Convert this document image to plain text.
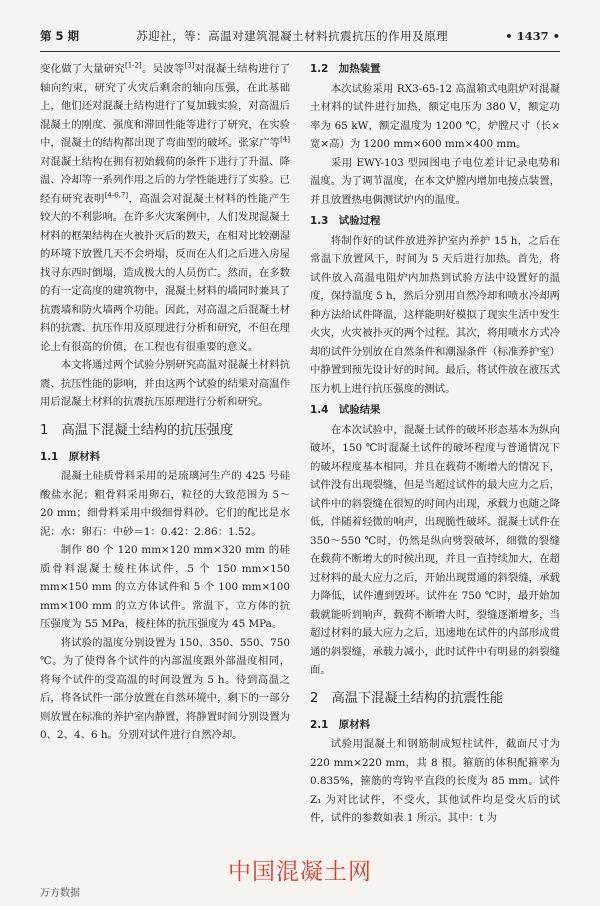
第 5 期	苏迎社，等：高温对建筑混凝土材料抗震抗压的作用及原理	• 1437 •

变化做了大量研究[1-2]。吴波等[3]对混凝土结构进行了轴向约束，研究了火灾后剩余的轴向压强，在此基础上，他们还对混凝土结构进行了复加载实验，对高温后混凝土的刚度、强度和滞回性能等进行了研究，在实验中，混凝土的结构都出现了弯曲型的破坏。张家广等[4]对混凝土结构在拥有初始载荷的条件下进行了升温、降温、冷却等一系列作用之后的力学性能进行了实验。已经有研究表明[4-6,7]，高温会对混凝土材料的性能产生较大的不利影响。在许多火灾案例中，人们发现混凝土材料的框架结构在火被扑灭后的数天，在相对比较潮湿的环境下放置几天不会坍塌，反而在人们之后进入房屋找寻东西时倒塌，造成极大的人员伤亡。然而，在多数的有一定高度的建筑物中，混凝土材料的墙同时兼具了抗震墙和防火墙两个功能。因此，对高温之后混凝土材料的抗震、抗压作用及原理进行分析和研究，不但在理论上有很高的价值，在工程也有很重要的意义。

本文将通过两个试验分别研究高温对混凝土材料抗震、抗压性能的影响，并由这两个试验的结果对高温作用后混凝土材料的抗震抗压原理进行分析和研究。

1　高温下混凝土结构的抗压强度
1.1　原材料

混凝土硅质骨料采用的是琉璃河生产的 425 号硅酸盐水泥；粗骨料采用卵石，粒径的大致范围为 5～20 mm；细骨料采用中级细骨料砂。它们的配比是水泥：水：卵石：中砂＝1：0.42：2.86：1.52。

制作 80 个 120 mm×120 mm×320 mm 的硅质骨料混凝土棱柱体试件，5 个 150 mm×150 mm×150 mm 的立方体试件和 5 个 100 mm×100 mm×100 mm 的立方体试件。常温下，立方体的抗压强度为 55 MPa，棱柱体的抗压强度为 45 MPa。

将试验的温度分别设置为 150、350、550、750 ℃。为了使得各个试件的内部温度跟外部温度相同，将每个试件的受高温的时间设置为 5 h。待到高温之后，将各试件一部分放置在自然环境中，剩下的一部分则放置在标准的养护室内静置，将静置时间分别设置为 0、2、4、6 h。分别对试件进行自然冷却。

1.2　加热装置

本次试验采用 RX3-65-12 高温箱式电阻炉对混凝土材料的试件进行加热，额定电压为 380 V，额定功率为 65 kW，额定温度为 1200 ℃，炉膛尺寸（长×宽×高）为 1200 mm×600 mm×400 mm。

采用 EWY-103 型园图电子电位差计记录电势和温度。为了调节温度，在本文炉膛内增加电接点装置，并且放置热电偶测试炉内的温度。

1.3　试验过程

将制作好的试件放进养护室内养护 15 h，之后在常温下放置风干，时间为 5 天后进行加热。首先，将试件放入高温电阻炉内加热到试验方法中设置好的温度，保持温度 5 h，然后分别用自然冷却和喷水冷却两种方法给试件降温，这样能明好模拟了现实生活中发生火灾，火灾被扑灭的两个过程。其次，将用喷水方式冷却的试件分别放在自然条件和潮湿条件（标准养护室）中静置到预先设计好的时间。最后，将试件放在液压式压力机上进行抗压强度的测试。

1.4　试验结果

在本次试验中，混凝土试件的破坏形态基本为纵向破坏，150 ℃时混凝土试件的破坏程度与普通情况下的破坏程度基本相同，并且在载荷不断增大的情况下，试件没有出现裂缝，但是当超过试件的最大应力之后，试件中的斜裂缝在很短的时间内出现，承载力也随之降低，伴随着轻微的响声，出现脆性破坏。混凝土试件在 350～550 ℃时，仍然是纵向劈裂破坏，细微的裂缝在载荷不断增大的时候出现，并且一直持续加大，在超过材料的最大应力之后，开始出现贯通的斜裂缝，承载力降低，试件遭到毁坏。试件在 750 ℃时，最开始加载就能听到响声，载荷不断增大时，裂缝逐渐增多，当超过材料的最大应力之后，迅速地在试件的内部形成贯通的斜裂缝，承载力减小，此时试件中有明显的斜裂缝面。

2　高温下混凝土结构的抗震性能
2.1　原材料

试验用混凝土和钢筋制成短柱试件，截面尺寸为 220 mm×220 mm，共 8 根。箍筋的体积配箍率为 0.835%，箍筋的弯钩平直段的长度为 85 mm。试件 Z₁ 为对比试件，不受火，其他试件均是受火后的试件，试件的参数如表 1 所示。其中：t 为

中国混凝土网
万方数据
